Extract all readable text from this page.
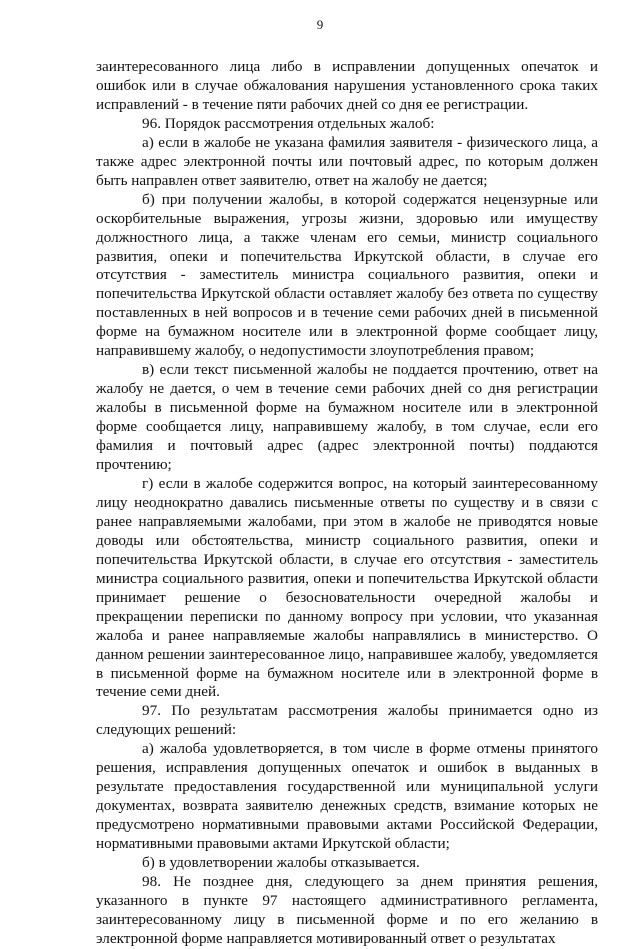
9

заинтересованного лица либо в исправлении допущенных опечаток и ошибок или в случае обжалования нарушения установленного срока таких исправлений - в течение пяти рабочих дней со дня ее регистрации.

96. Порядок рассмотрения отдельных жалоб:

а) если в жалобе не указана фамилия заявителя - физического лица, а также адрес электронной почты или почтовый адрес, по которым должен быть направлен ответ заявителю, ответ на жалобу не дается;

б) при получении жалобы, в которой содержатся нецензурные или оскорбительные выражения, угрозы жизни, здоровью или имуществу должностного лица, а также членам его семьи, министр социального развития, опеки и попечительства Иркутской области, в случае его отсутствия - заместитель министра социального развития, опеки и попечительства Иркутской области оставляет жалобу без ответа по существу поставленных в ней вопросов и в течение семи рабочих дней в письменной форме на бумажном носителе или в электронной форме сообщает лицу, направившему жалобу, о недопустимости злоупотребления правом;

в) если текст письменной жалобы не поддается прочтению, ответ на жалобу не дается, о чем в течение семи рабочих дней со дня регистрации жалобы в письменной форме на бумажном носителе или в электронной форме сообщается лицу, направившему жалобу, в том случае, если его фамилия и почтовый адрес (адрес электронной почты) поддаются прочтению;

г) если в жалобе содержится вопрос, на который заинтересованному лицу неоднократно давались письменные ответы по существу и в связи с ранее направляемыми жалобами, при этом в жалобе не приводятся новые доводы или обстоятельства, министр социального развития, опеки и попечительства Иркутской области, в случае его отсутствия - заместитель министра социального развития, опеки и попечительства Иркутской области принимает решение о безосновательности очередной жалобы и прекращении переписки по данному вопросу при условии, что указанная жалоба и ранее направляемые жалобы направлялись в министерство. О данном решении заинтересованное лицо, направившее жалобу, уведомляется в письменной форме на бумажном носителе или в электронной форме в течение семи дней.

97. По результатам рассмотрения жалобы принимается одно из следующих решений:

а) жалоба удовлетворяется, в том числе в форме отмены принятого решения, исправления допущенных опечаток и ошибок в выданных в результате предоставления государственной или муниципальной услуги документах, возврата заявителю денежных средств, взимание которых не предусмотрено нормативными правовыми актами Российской Федерации, нормативными правовыми актами Иркутской области;

б) в удовлетворении жалобы отказывается.

98. Не позднее дня, следующего за днем принятия решения, указанного в пункте 97 настоящего административного регламента, заинтересованному лицу в письменной форме и по его желанию в электронной форме направляется мотивированный ответ о результатах
